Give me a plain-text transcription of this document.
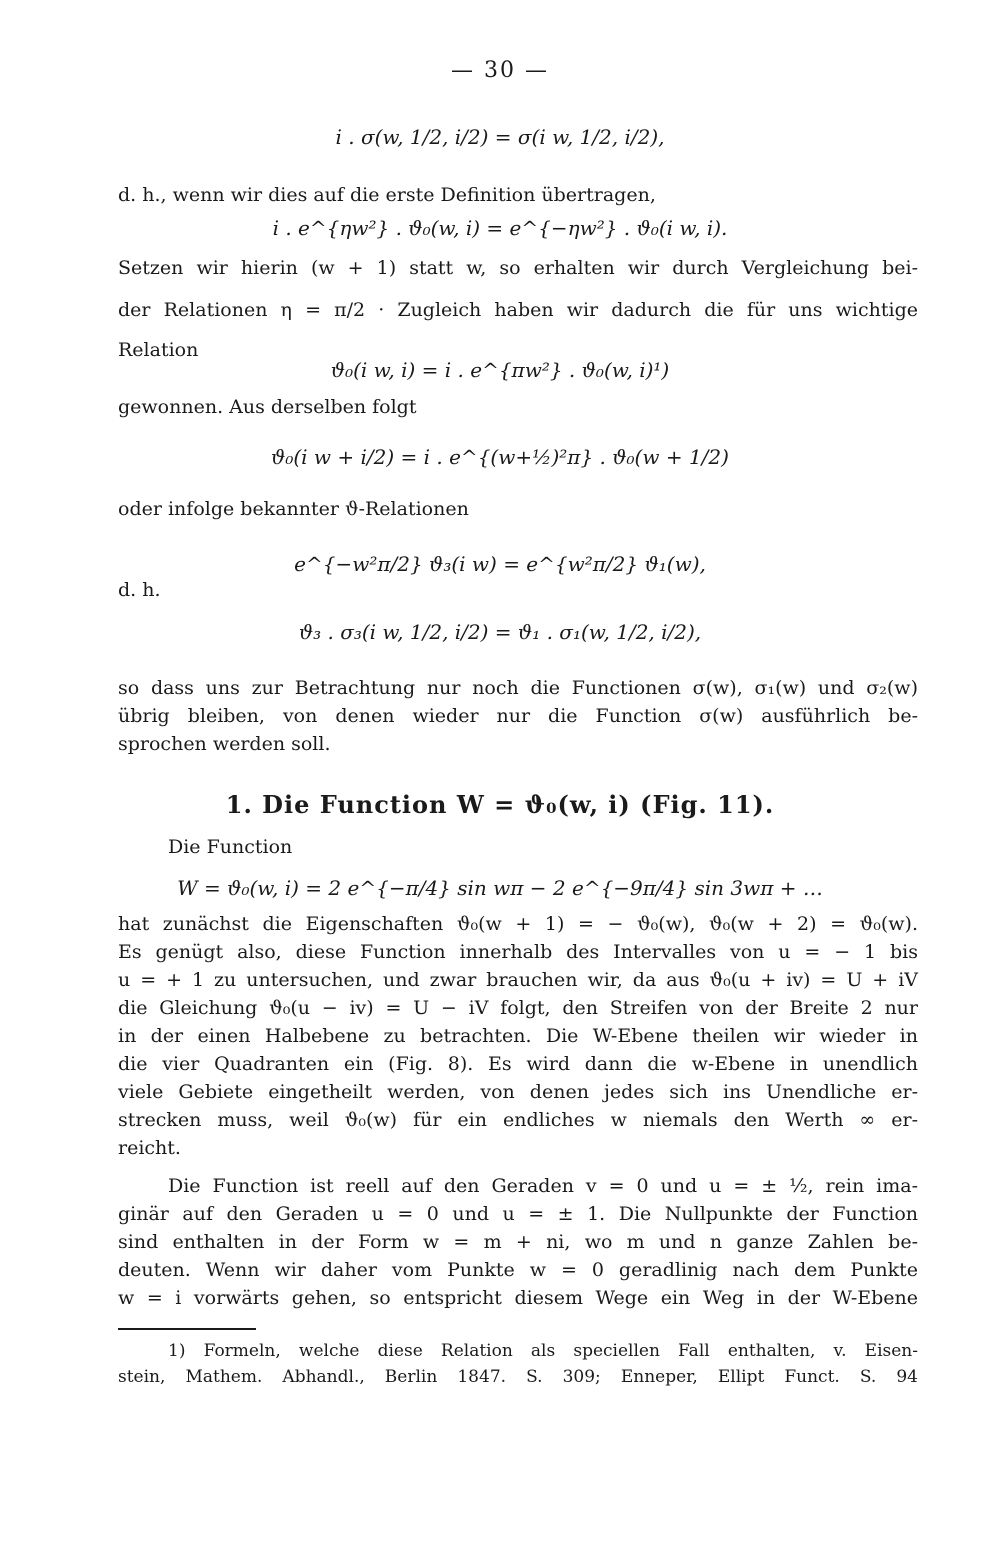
— 30 —
i . σ(w, 1/2, i/2) = σ(i w, 1/2, i/2),
d. h., wenn wir dies auf die erste Definition übertragen,
i . e^{ηw²} . ϑ₀(w, i) = e^{−ηw²} . ϑ₀(i w, i).
Setzen wir hierin (w + 1) statt w, so erhalten wir durch Vergleichung bei-
der Relationen η = π/2 · Zugleich haben wir dadurch die für uns wichtige
Relation
ϑ₀(i w, i) = i . e^{πw²} . ϑ₀(w, i)¹)
gewonnen. Aus derselben folgt
ϑ₀(i w + i/2) = i . e^{(w+½)²π} . ϑ₀(w + 1/2)
oder infolge bekannter ϑ-Relationen
e^{−w²π/2} ϑ₃(i w) = e^{w²π/2} ϑ₁(w),
d. h.
ϑ₃ . σ₃(i w, 1/2, i/2) = ϑ₁ . σ₁(w, 1/2, i/2),
so dass uns zur Betrachtung nur noch die Functionen σ(w), σ₁(w) und σ₂(w)
übrig bleiben, von denen wieder nur die Function σ(w) ausführlich be-
sprochen werden soll.
1. Die Function W = ϑ₀(w, i) (Fig. 11).
Die Function
W = ϑ₀(w, i) = 2 e^{−π/4} sin wπ − 2 e^{−9π/4} sin 3wπ + …
hat zunächst die Eigenschaften ϑ₀(w + 1) = − ϑ₀(w), ϑ₀(w + 2) = ϑ₀(w).
Es genügt also, diese Function innerhalb des Intervalles von u = − 1 bis
u = + 1 zu untersuchen, und zwar brauchen wir, da aus ϑ₀(u + iv) = U + iV
die Gleichung ϑ₀(u − iv) = U − iV folgt, den Streifen von der Breite 2 nur
in der einen Halbebene zu betrachten. Die W-Ebene theilen wir wieder in
die vier Quadranten ein (Fig. 8). Es wird dann die w-Ebene in unendlich
viele Gebiete eingetheilt werden, von denen jedes sich ins Unendliche er-
strecken muss, weil ϑ₀(w) für ein endliches w niemals den Werth ∞ er-
reicht.
Die Function ist reell auf den Geraden v = 0 und u = ± ½, rein ima-
ginär auf den Geraden u = 0 und u = ± 1. Die Nullpunkte der Function
sind enthalten in der Form w = m + ni, wo m und n ganze Zahlen be-
deuten. Wenn wir daher vom Punkte w = 0 geradlinig nach dem Punkte
w = i vorwärts gehen, so entspricht diesem Wege ein Weg in der W-Ebene
1) Formeln, welche diese Relation als speciellen Fall enthalten, v. Eisen-
stein, Mathem. Abhandl., Berlin 1847. S. 309; Enneper, Ellipt Funct. S. 94
